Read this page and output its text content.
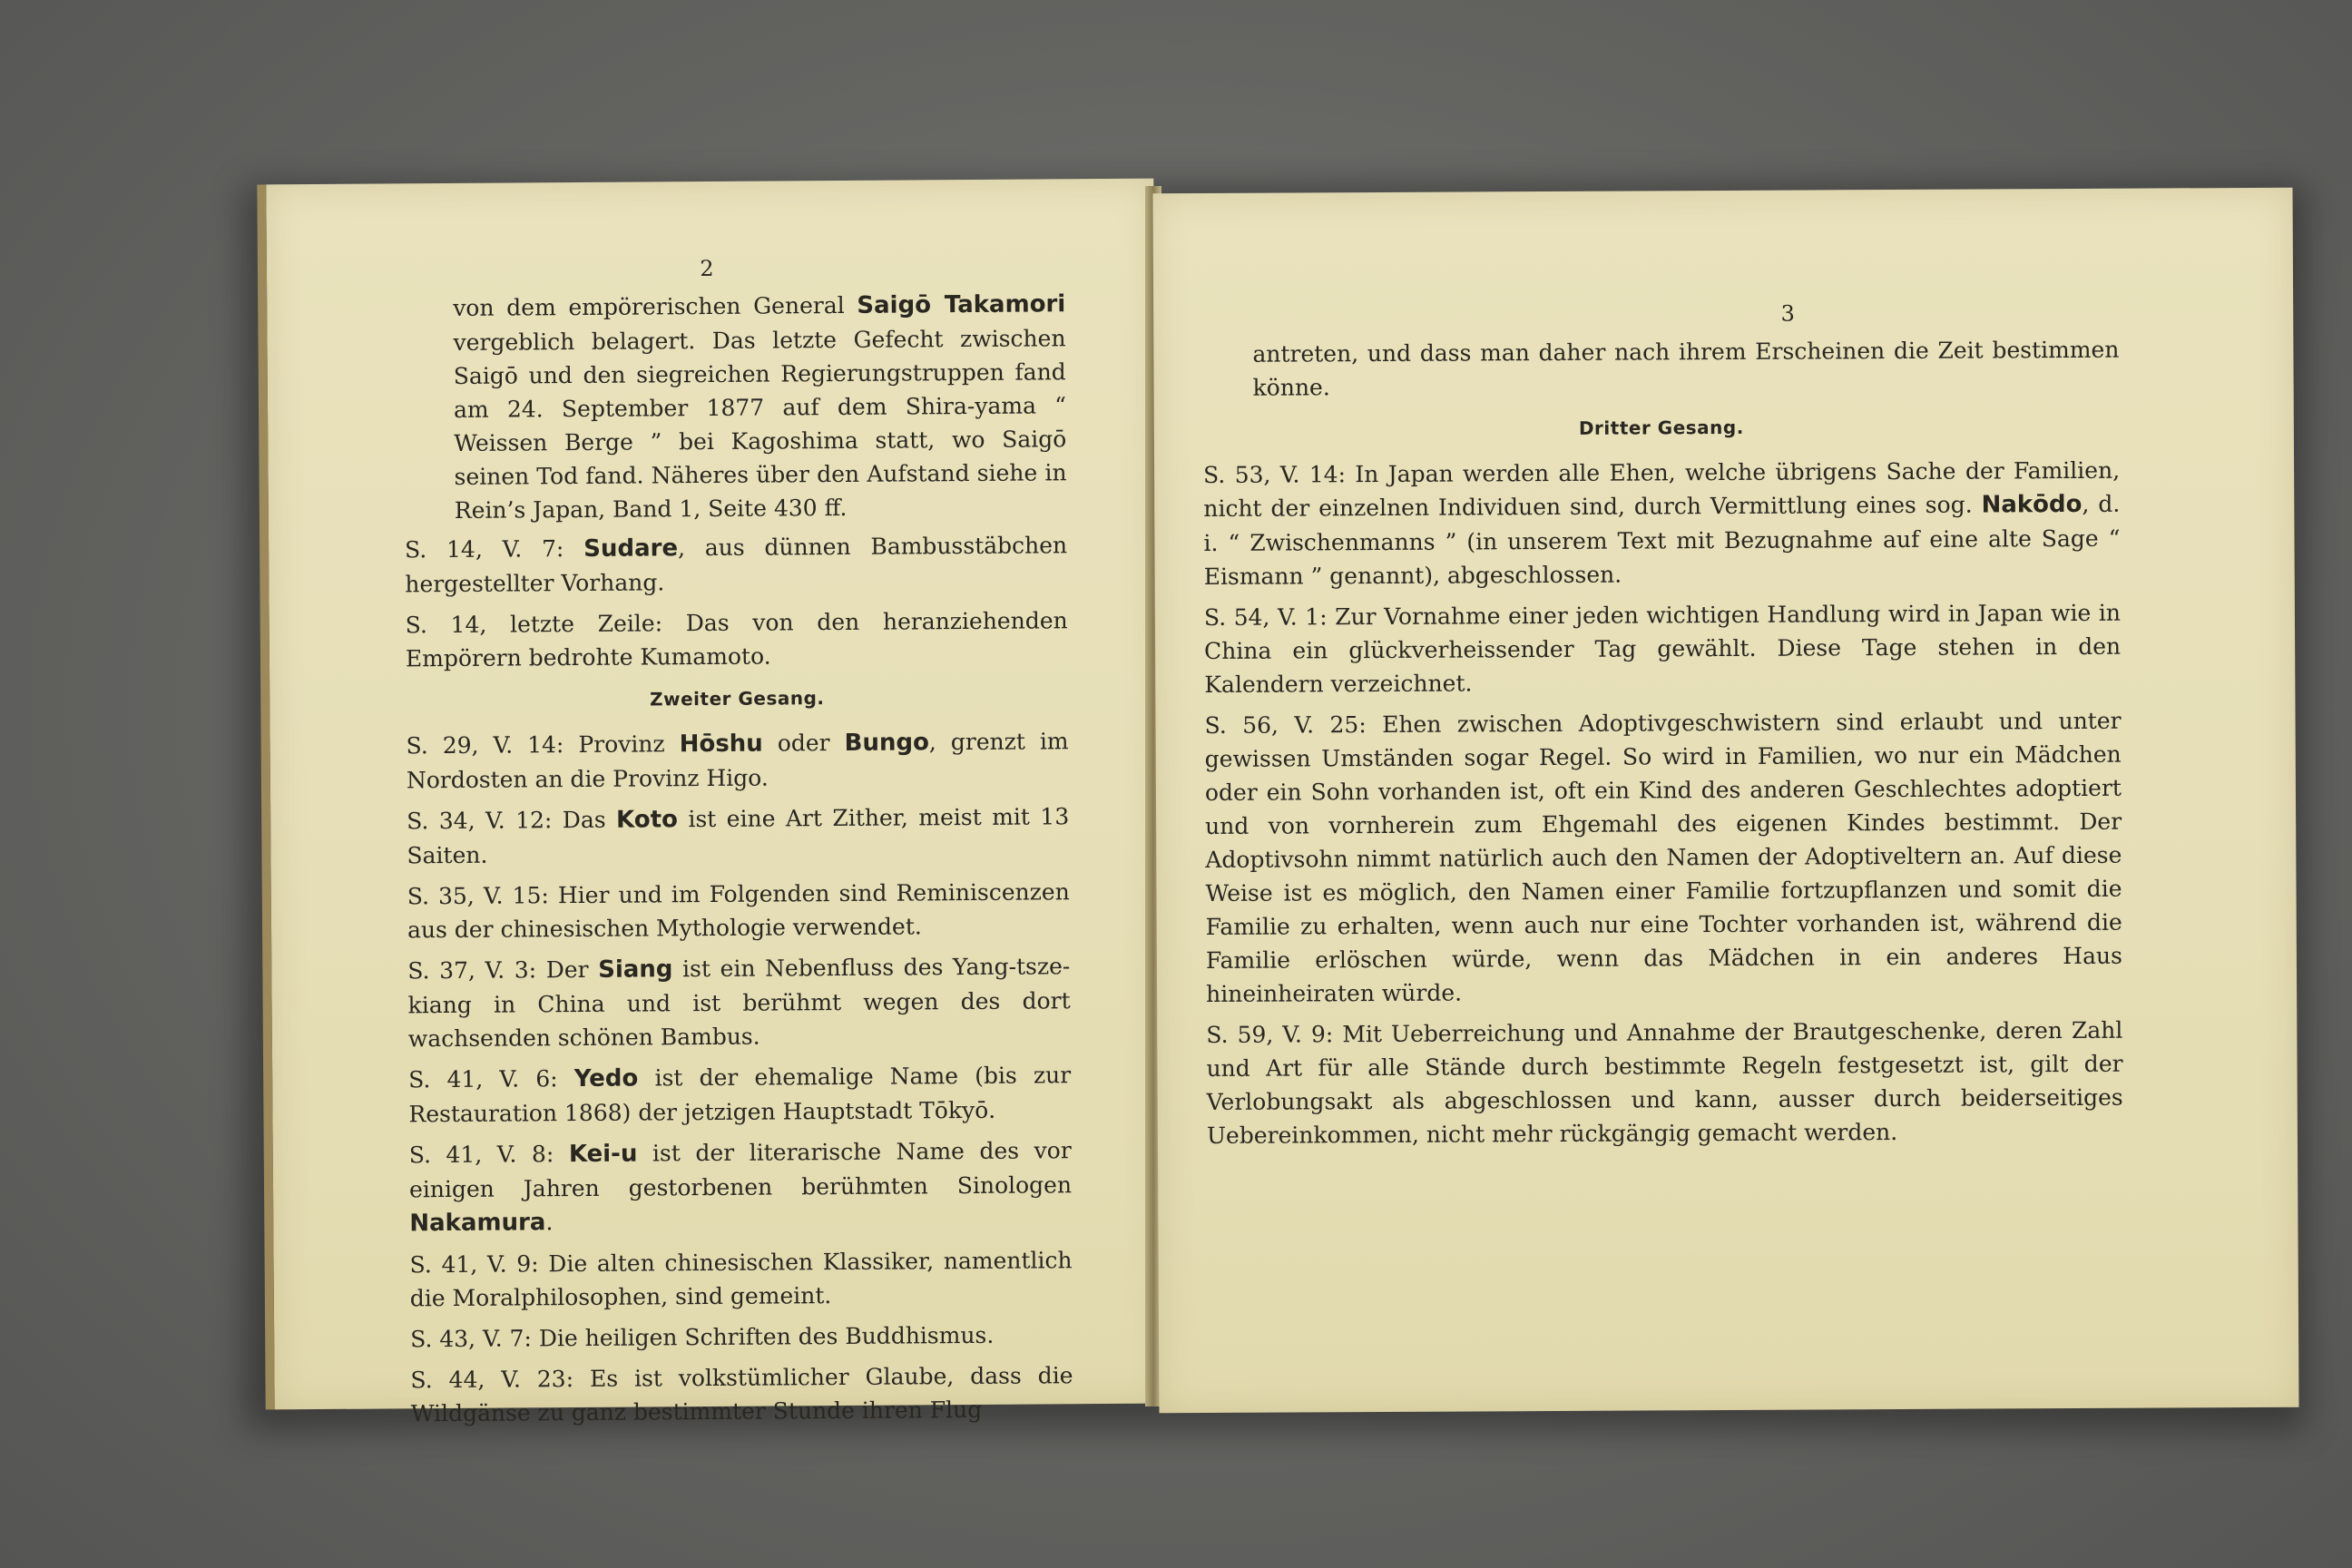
2
von dem empörerischen General Saigō Takamori vergeblich belagert. Das letzte Gefecht zwischen Saigō und den siegreichen Regierungstruppen fand am 24. September 1877 auf dem Shira-yama “ Weissen Berge ” bei Kagoshima statt, wo Saigō seinen Tod fand. Näheres über den Aufstand siehe in Rein’s Japan, Band 1, Seite 430 ff.
S. 14, V. 7: Sudare, aus dünnen Bambusstäbchen hergestellter Vorhang.
S. 14, letzte Zeile: Das von den heranziehenden Empörern bedrohte Kumamoto.
Zweiter Gesang.
S. 29, V. 14: Provinz Hōshu oder Bungo, grenzt im Nordosten an die Provinz Higo.
S. 34, V. 12: Das Koto ist eine Art Zither, meist mit 13 Saiten.
S. 35, V. 15: Hier und im Folgenden sind Reminiscenzen aus der chinesischen Mythologie verwendet.
S. 37, V. 3: Der Siang ist ein Nebenfluss des Yang-tsze-kiang in China und ist berühmt wegen des dort wachsenden schönen Bambus.
S. 41, V. 6: Yedo ist der ehemalige Name (bis zur Restauration 1868) der jetzigen Hauptstadt Tōkyō.
S. 41, V. 8: Kei-u ist der literarische Name des vor einigen Jahren gestorbenen berühmten Sinologen Nakamura.
S. 41, V. 9: Die alten chinesischen Klassiker, namentlich die Moralphilosophen, sind gemeint.
S. 43, V. 7: Die heiligen Schriften des Buddhismus.
S. 44, V. 23: Es ist volkstümlicher Glaube, dass die Wildgänse zu ganz bestimmter Stunde ihren Flug
3
antreten, und dass man daher nach ihrem Erscheinen die Zeit bestimmen könne.
Dritter Gesang.
S. 53, V. 14: In Japan werden alle Ehen, welche übrigens Sache der Familien, nicht der einzelnen Individuen sind, durch Vermittlung eines sog. Nakōdo, d. i. “ Zwischenmanns ” (in unserem Text mit Bezugnahme auf eine alte Sage “ Eismann ” genannt), abgeschlossen.
S. 54, V. 1: Zur Vornahme einer jeden wichtigen Handlung wird in Japan wie in China ein glückverheissender Tag gewählt. Diese Tage stehen in den Kalendern verzeichnet.
S. 56, V. 25: Ehen zwischen Adoptivgeschwistern sind erlaubt und unter gewissen Umständen sogar Regel. So wird in Familien, wo nur ein Mädchen oder ein Sohn vorhanden ist, oft ein Kind des anderen Geschlechtes adoptiert und von vornherein zum Ehgemahl des eigenen Kindes bestimmt. Der Adoptivsohn nimmt natürlich auch den Namen der Adoptiveltern an. Auf diese Weise ist es möglich, den Namen einer Familie fortzupflanzen und somit die Familie zu erhalten, wenn auch nur eine Tochter vorhanden ist, während die Familie erlöschen würde, wenn das Mädchen in ein anderes Haus hineinheiraten würde.
S. 59, V. 9: Mit Ueberreichung und Annahme der Brautgeschenke, deren Zahl und Art für alle Stände durch bestimmte Regeln festgesetzt ist, gilt der Verlobungsakt als abgeschlossen und kann, ausser durch beiderseitiges Uebereinkommen, nicht mehr rückgängig gemacht werden.
